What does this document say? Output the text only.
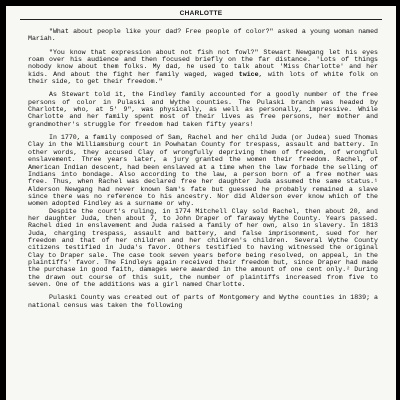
CHARLOTTE

"What about people like your dad? Free people of color?" asked a young woman named Mariah.

"You know that expression about not fish not fowl?" Stewart Newgang let his eyes roam over his audience and then focused briefly on the far distance. 'Lots of things nobody know about them folks. My dad, he used to talk about 'Miss Charlotte' and her kids. And about the fight her family waged, waged twice, with lots of white folk on their side, to get their freedom."

As Stewart told it, the Findley family accounted for a goodly number of the free persons of color in Pulaski and Wythe counties. The Pulaski branch was headed by Charlotte, who, at 5' 9", was physically, as well as personally, impressive. While Charlotte and her family spent most of their lives as free persons, her mother and grandmother's struggle for freedom had taken fifty years!

In 1770, a family composed of Sam, Rachel and her child Juda (or Judea) sued Thomas Clay in the Williamsburg court in Powhatan County for trespass, assault and battery. In other words, they accused Clay of wrongfully depriving them of freedom, of wrongful enslavement. Three years later, a jury granted the women their freedom. Rachel, of American Indian descent, had been enslaved at a time when the law forbade the selling of Indians into bondage. Also according to the law, a person born of a free mother was free. Thus, when Rachel was declared free her daughter Juda assumed the same status.¹ Alderson Newgang had never known Sam's fate but guessed he probably remained a slave since there was no reference to his ancestry. Nor did Alderson ever know which of the women adopted Findley as a surname or why.

Despite the court's ruling, in 1774 Mitchell Clay sold Rachel, then about 20, and her daughter Juda, then about 7, to John Draper of faraway Wythe County. Years passed. Rachel died in enslavement and Juda raised a family of her own, also in slavery. In 1813 Juda, charging trespass, assault and battery, and false imprisonment, sued for her freedom and that of her children and her children's children. Several Wythe County citizens testified in Juda's favor. Others testified to having witnessed the original Clay to Draper sale. The case took seven years before being resolved, on appeal, in the plaintiffs' favor. The Findleys again received their freedom but, since Draper had made the purchase in good faith, damages were awarded in the amount of one cent only.² During the drawn out course of this suit, the number of plaintiffs increased from five to seven. One of the additions was a girl named Charlotte.

Pulaski County was created out of parts of Montgomery and Wythe counties in 1839; a national census was taken the following
